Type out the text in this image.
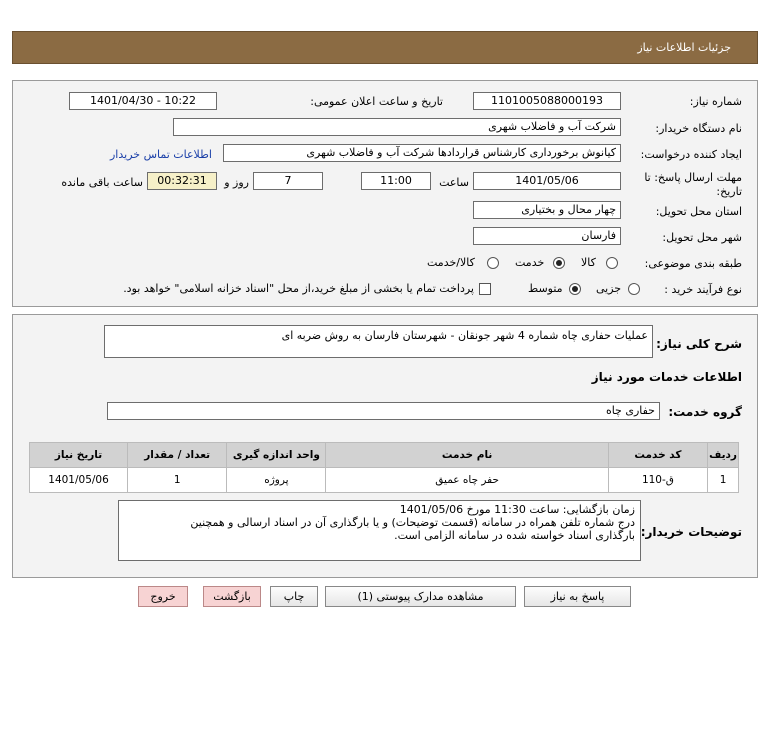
جزئیات اطلاعات نیاز
شماره نیاز:
1101005088000193
تاریخ و ساعت اعلان عمومی:
1401/04/30 - 10:22
نام دستگاه خریدار:
شرکت آب و فاضلاب شهری
ایجاد کننده درخواست:
کیانوش برخورداری کارشناس قراردادها شرکت آب و فاضلاب شهری
اطلاعات تماس خریدار
مهلت ارسال پاسخ: تا
تاریخ:
1401/05/06
ساعت
11:00
7
روز و
00:32:31
ساعت باقی مانده
استان محل تحویل:
چهار محال و بختیاری
شهر محل تحویل:
فارسان
طبقه بندی موضوعی:
کالا
خدمت
کالا/خدمت
نوع فرآیند خرید :
جزیی
متوسط
پرداخت تمام یا بخشی از مبلغ خرید،از محل "اسناد خزانه اسلامی" خواهد بود.
شرح کلی نیاز:
عملیات حفاری چاه شماره 4 شهر جونقان - شهرستان فارسان به روش ضربه ای
اطلاعات خدمات مورد نیاز
گروه خدمت:
حفاری چاه
تاریخ نیاز	تعداد / مقدار	واحد اندازه گیری	نام خدمت	کد خدمت	ردیف
1401/05/06	1	پروژه	حفر چاه عمیق	ق-110	1
توضیحات خریدار:
زمان بازگشایی: ساعت 11:30 مورخ 1401/05/06
درج شماره تلفن همراه در سامانه (قسمت توضیحات) و یا بارگذاری آن در اسناد ارسالی و همچنین
بارگذاری اسناد خواسته شده در سامانه الزامی است.
پاسخ به نیاز
مشاهده مدارک پیوستی (1)
چاپ
بازگشت
خروج
